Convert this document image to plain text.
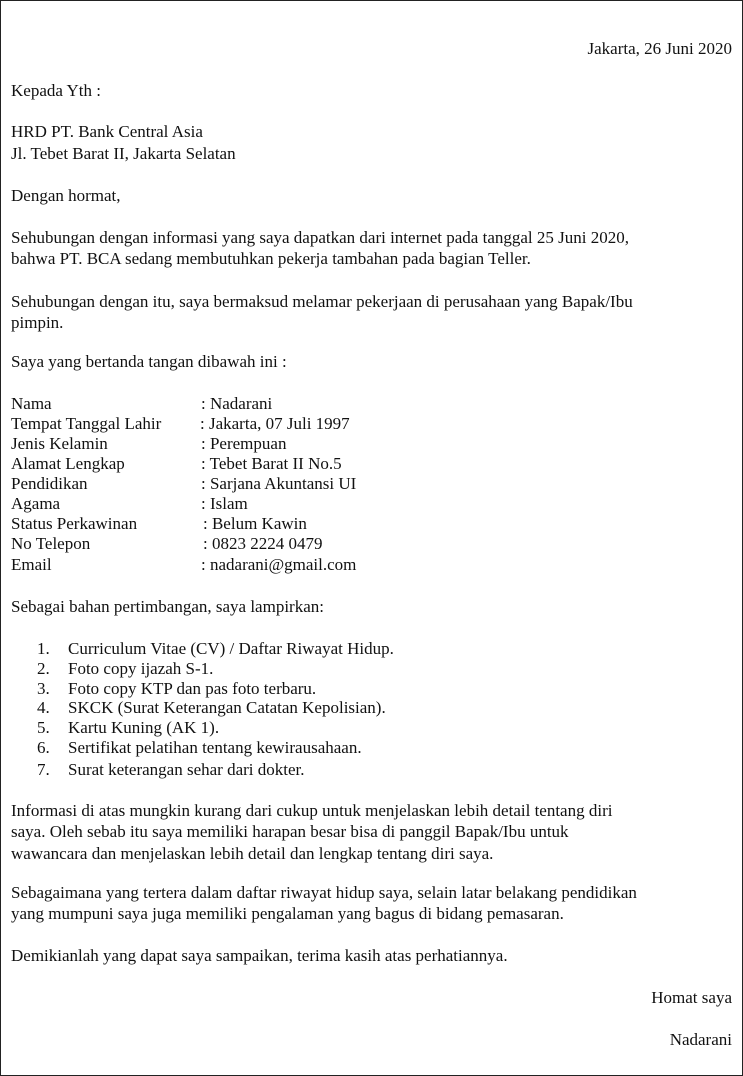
Jakarta, 26 Juni 2020
Kepada Yth :
HRD PT. Bank Central Asia
Jl. Tebet Barat II, Jakarta Selatan
Dengan hormat,
Sehubungan dengan informasi yang saya dapatkan dari internet pada tanggal 25 Juni 2020,
bahwa PT. BCA sedang membutuhkan pekerja tambahan pada bagian Teller.
Sehubungan dengan itu, saya bermaksud melamar pekerjaan di perusahaan yang Bapak/Ibu
pimpin.
Saya yang bertanda tangan dibawah ini :
Nama	: Nadarani
Tempat Tanggal Lahir : Jakarta, 07 Juli 1997
Jenis Kelamin	: Perempuan
Alamat Lengkap	: Tebet Barat II No.5
Pendidikan	: Sarjana Akuntansi UI
Agama	: Islam
Status Perkawinan	: Belum Kawin
No Telepon	: 0823 2224 0479
Email	: nadarani@gmail.com
Sebagai bahan pertimbangan, saya lampirkan:
1. Curriculum Vitae (CV) / Daftar Riwayat Hidup.
2. Foto copy ijazah S-1.
3. Foto copy KTP dan pas foto terbaru.
4. SKCK (Surat Keterangan Catatan Kepolisian).
5. Kartu Kuning (AK 1).
6. Sertifikat pelatihan tentang kewirausahaan.
7. Surat keterangan sehar dari dokter.
Informasi di atas mungkin kurang dari cukup untuk menjelaskan lebih detail tentang diri
saya. Oleh sebab itu saya memiliki harapan besar bisa di panggil Bapak/Ibu untuk
wawancara dan menjelaskan lebih detail dan lengkap tentang diri saya.
Sebagaimana yang tertera dalam daftar riwayat hidup saya, selain latar belakang pendidikan
yang mumpuni saya juga memiliki pengalaman yang bagus di bidang pemasaran.
Demikianlah yang dapat saya sampaikan, terima kasih atas perhatiannya.
Homat saya
Nadarani
